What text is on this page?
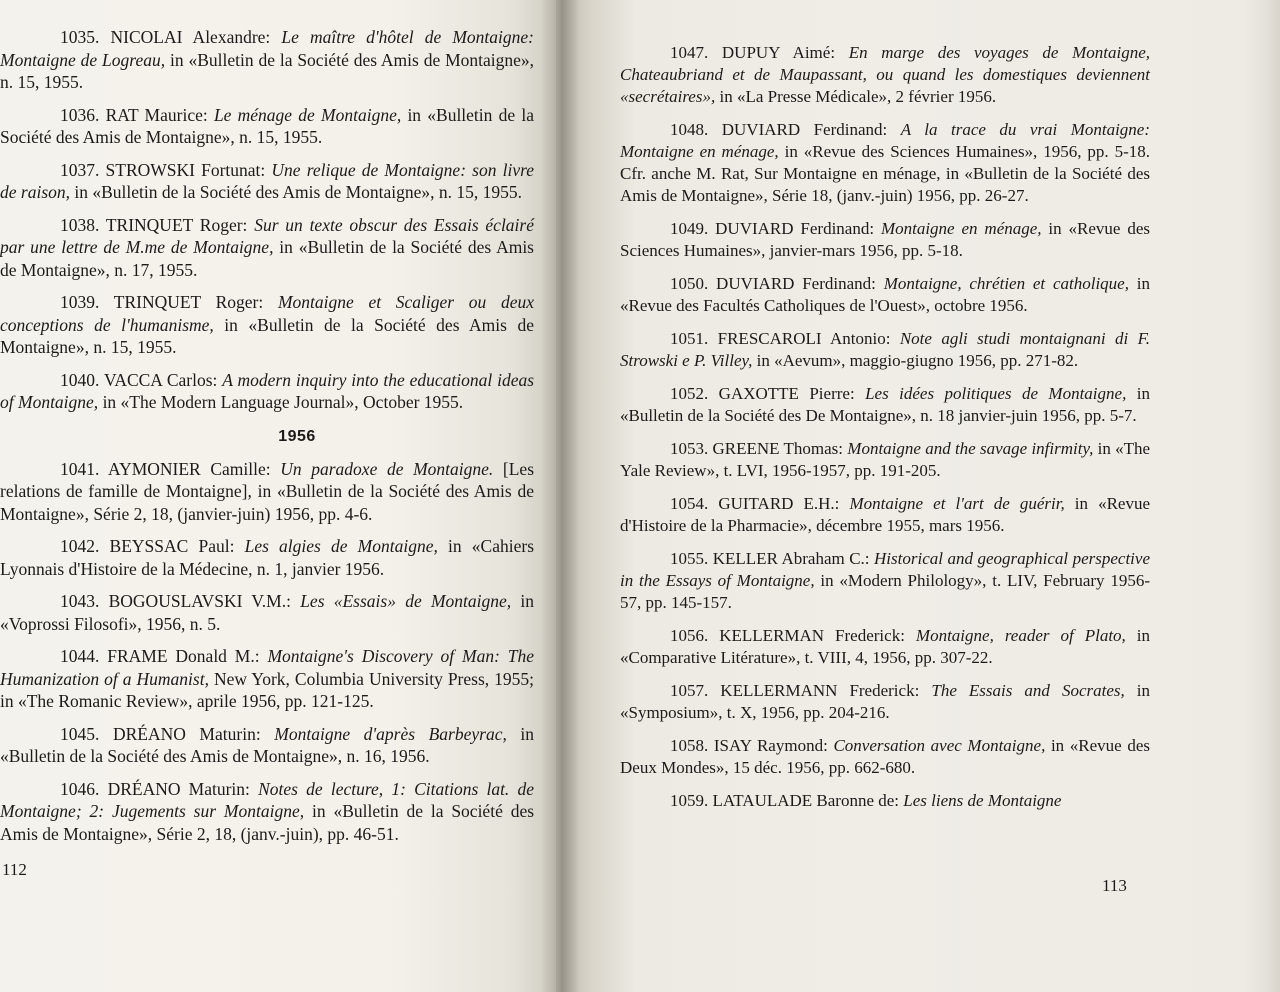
1035. NICOLAI Alexandre: Le maître d'hôtel de Montaigne: Montaigne de Logreau, in «Bulletin de la Société des Amis de Montaigne», n. 15, 1955.
1036. RAT Maurice: Le ménage de Montaigne, in «Bulletin de la Société des Amis de Montaigne», n. 15, 1955.
1037. STROWSKI Fortunat: Une relique de Montaigne: son livre de raison, in «Bulletin de la Société des Amis de Montaigne», n. 15, 1955.
1038. TRINQUET Roger: Sur un texte obscur des Essais éclairé par une lettre de M.me de Montaigne, in «Bulletin de la Société des Amis de Montaigne», n. 17, 1955.
1039. TRINQUET Roger: Montaigne et Scaliger ou deux conceptions de l'humanisme, in «Bulletin de la Société des Amis de Montaigne», n. 15, 1955.
1040. VACCA Carlos: A modern inquiry into the educational ideas of Montaigne, in «The Modern Language Journal», October 1955.
1956
1041. AYMONIER Camille: Un paradoxe de Montaigne. [Les relations de famille de Montaigne], in «Bulletin de la Société des Amis de Montaigne», Série 2, 18, (janvier-juin) 1956, pp. 4-6.
1042. BEYSSAC Paul: Les algies de Montaigne, in «Cahiers Lyonnais d'Histoire de la Médecine, n. 1, janvier 1956.
1043. BOGOUSLAVSKI V.M.: Les «Essais» de Montaigne, in «Voprossi Filosofi», 1956, n. 5.
1044. FRAME Donald M.: Montaigne's Discovery of Man: The Humanization of a Humanist, New York, Columbia University Press, 1955; in «The Romanic Review», aprile 1956, pp. 121-125.
1045. DRÉANO Maturin: Montaigne d'après Barbeyrac, in «Bulletin de la Société des Amis de Montaigne», n. 16, 1956.
1046. DRÉANO Maturin: Notes de lecture, 1: Citations lat. de Montaigne; 2: Jugements sur Montaigne, in «Bulletin de la Société des Amis de Montaigne», Série 2, 18, (janv.-juin), pp. 46-51.
112
1047. DUPUY Aimé: En marge des voyages de Montaigne, Chateaubriand et de Maupassant, ou quand les domestiques deviennent «secrétaires», in «La Presse Médicale», 2 février 1956.
1048. DUVIARD Ferdinand: A la trace du vrai Montaigne: Montaigne en ménage, in «Revue des Sciences Humaines», 1956, pp. 5-18. Cfr. anche M. Rat, Sur Montaigne en ménage, in «Bulletin de la Société des Amis de Montaigne», Série 18, (janv.-juin) 1956, pp. 26-27.
1049. DUVIARD Ferdinand: Montaigne en ménage, in «Revue des Sciences Humaines», janvier-mars 1956, pp. 5-18.
1050. DUVIARD Ferdinand: Montaigne, chrétien et catholique, in «Revue des Facultés Catholiques de l'Ouest», octobre 1956.
1051. FRESCAROLI Antonio: Note agli studi montaignani di F. Strowski e P. Villey, in «Aevum», maggio-giugno 1956, pp. 271-82.
1052. GAXOTTE Pierre: Les idées politiques de Montaigne, in «Bulletin de la Société des De Montaigne», n. 18 janvier-juin 1956, pp. 5-7.
1053. GREENE Thomas: Montaigne and the savage infirmity, in «The Yale Review», t. LVI, 1956-1957, pp. 191-205.
1054. GUITARD E.H.: Montaigne et l'art de guérir, in «Revue d'Histoire de la Pharmacie», décembre 1955, mars 1956.
1055. KELLER Abraham C.: Historical and geographical perspective in the Essays of Montaigne, in «Modern Philology», t. LIV, February 1956-57, pp. 145-157.
1056. KELLERMAN Frederick: Montaigne, reader of Plato, in «Comparative Litérature», t. VIII, 4, 1956, pp. 307-22.
1057. KELLERMANN Frederick: The Essais and Socrates, in «Symposium», t. X, 1956, pp. 204-216.
1058. ISAY Raymond: Conversation avec Montaigne, in «Revue des Deux Mondes», 15 déc. 1956, pp. 662-680.
1059. LATAULADE Baronne de: Les liens de Montaigne
113
